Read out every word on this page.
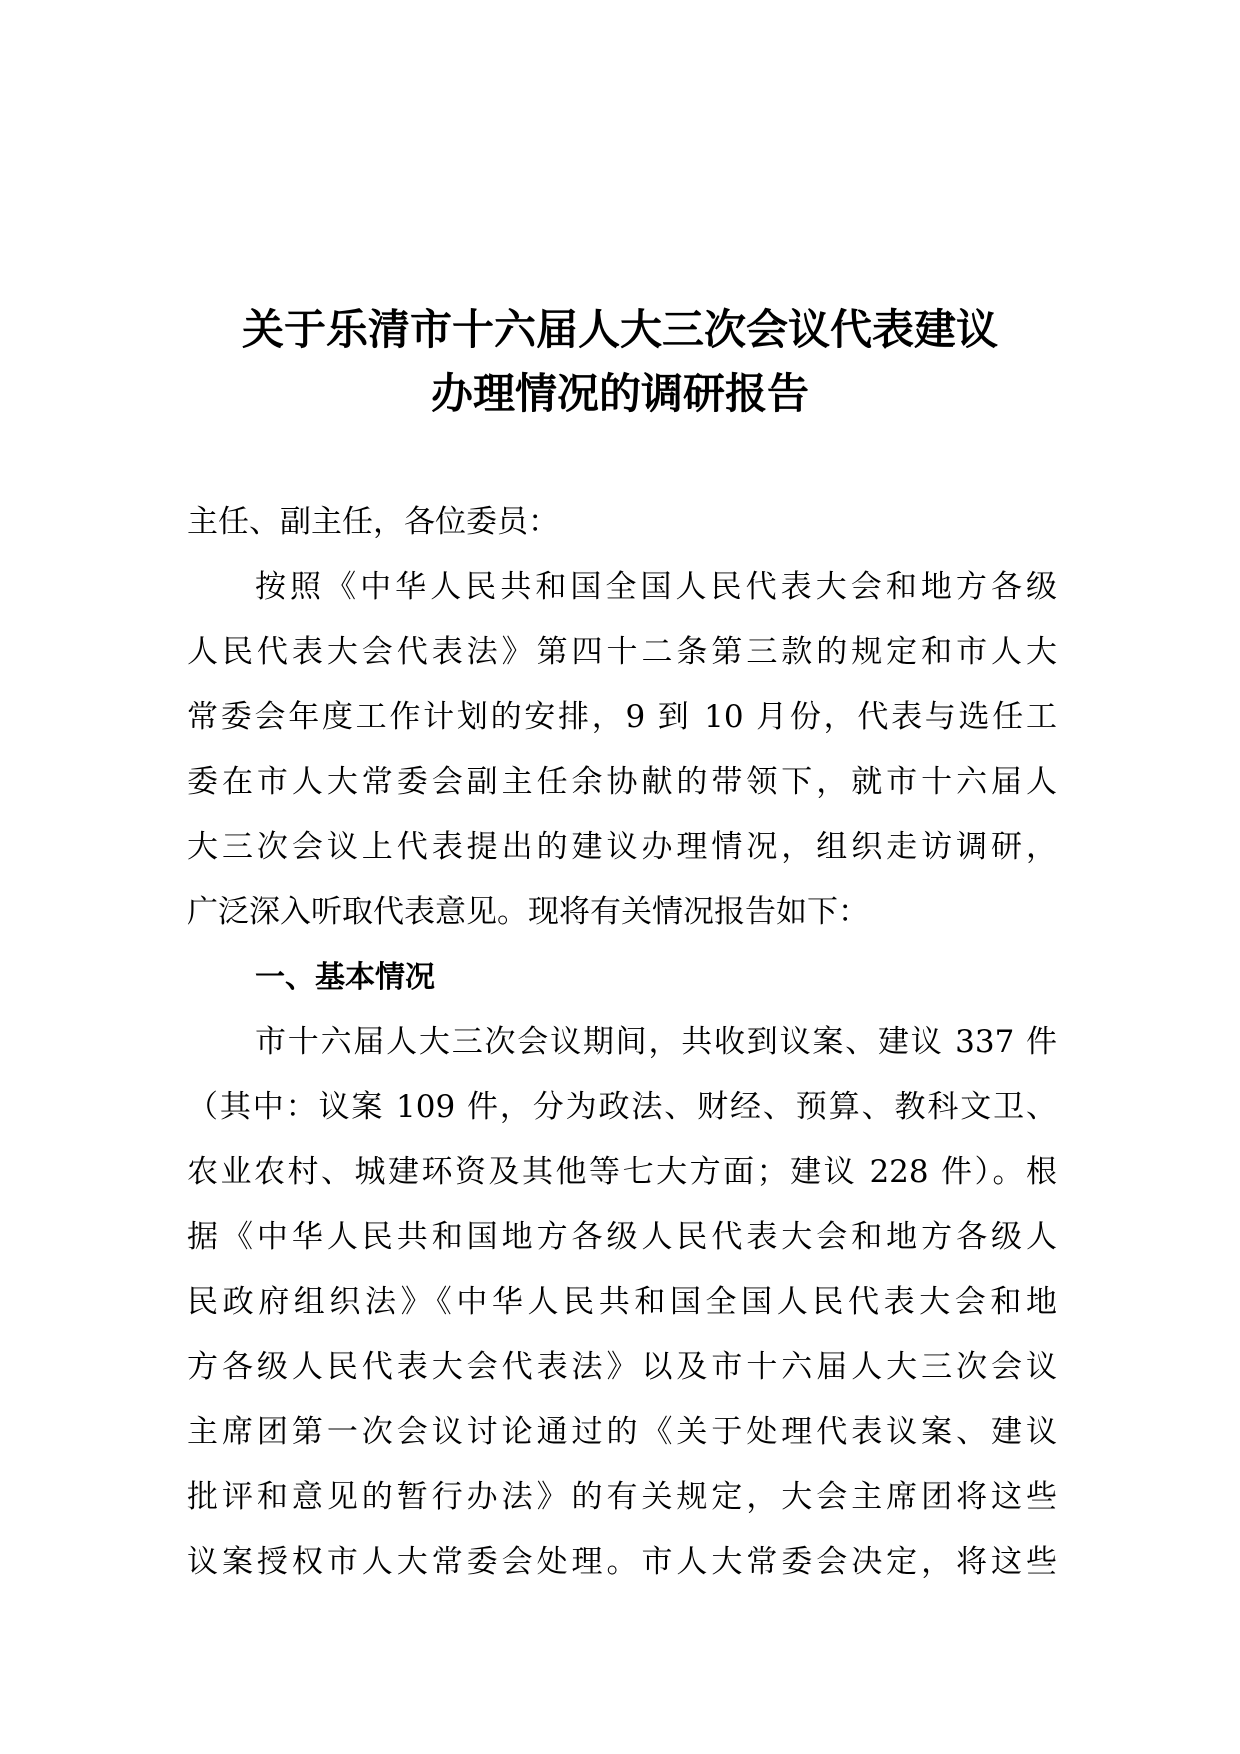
关于乐清市十六届人大三次会议代表建议
办理情况的调研报告

主任、副主任，各位委员：

按照《中华人民共和国全国人民代表大会和地方各级
人民代表大会代表法》第四十二条第三款的规定和市人大
常委会年度工作计划的安排，9 到 10 月份，代表与选任工
委在市人大常委会副主任余协献的带领下，就市十六届人
大三次会议上代表提出的建议办理情况，组织走访调研，
广泛深入听取代表意见。现将有关情况报告如下：
一、基本情况
市十六届人大三次会议期间，共收到议案、建议 337 件
（其中：议案 109 件，分为政法、财经、预算、教科文卫、
农业农村、城建环资及其他等七大方面；建议 228 件）。根
据《中华人民共和国地方各级人民代表大会和地方各级人
民政府组织法》《中华人民共和国全国人民代表大会和地
方各级人民代表大会代表法》以及市十六届人大三次会议
主席团第一次会议讨论通过的《关于处理代表议案、建议
批评和意见的暂行办法》的有关规定，大会主席团将这些
议案授权市人大常委会处理。市人大常委会决定，将这些
